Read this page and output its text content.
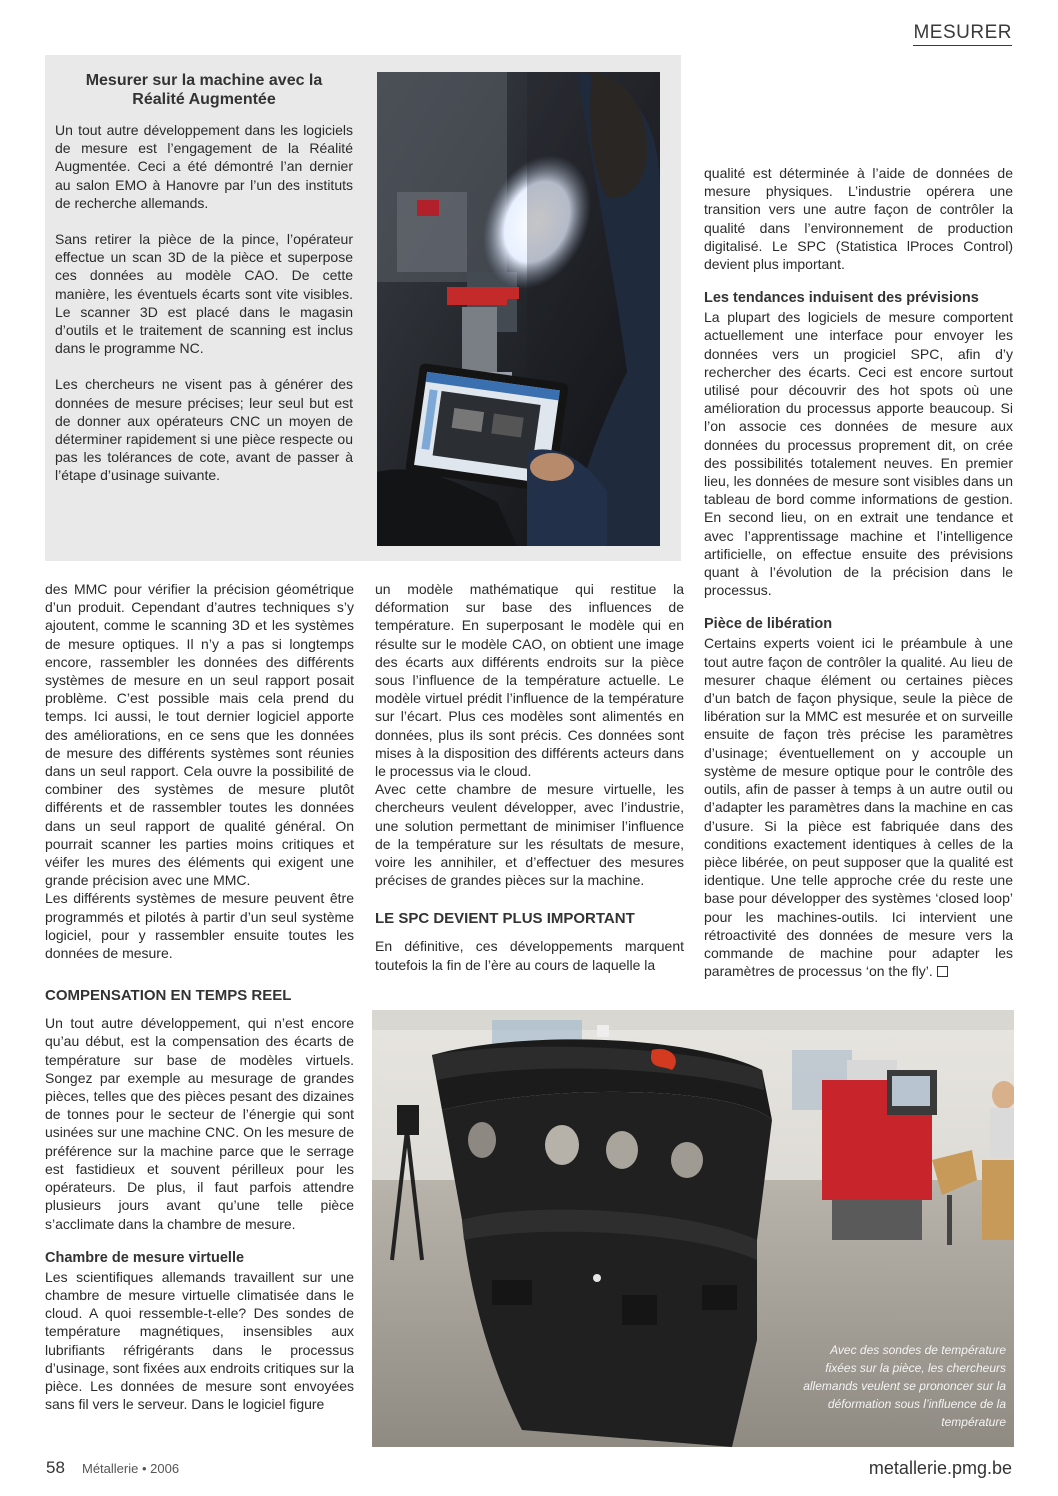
MESURER
Mesurer sur la machine avec la
Réalité Augmentée

Un tout autre développement dans les logiciels de mesure est l’engagement de la Réalité Augmentée. Ceci a été démontré l’an dernier au salon EMO à Hanovre par l’un des instituts de recherche allemands.

Sans retirer la pièce de la pince, l’opérateur effectue un scan 3D de la pièce et superpose ces données au modèle CAO. De cette manière, les éventuels écarts sont vite visibles. Le scanner 3D est placé dans le magasin d’outils et le traitement de scanning est inclus dans le programme NC.

Les chercheurs ne visent pas à générer des données de mesure précises; leur seul but est de donner aux opérateurs CNC un moyen de déterminer rapidement si une pièce respecte ou pas les tolérances de cote, avant de passer à l’étape d’usinage suivante.

des MMC pour vérifier la précision géométrique d’un produit. Cependant d’autres techniques s’y ajoutent, comme le scanning 3D et les systèmes de mesure optiques. Il n’y a pas si longtemps encore, rassembler les données des différents systèmes de mesure en un seul rapport posait problème. C’est possible mais cela prend du temps. Ici aussi, le tout dernier logiciel apporte des améliorations, en ce sens que les données de mesure des différents systèmes sont réunies dans un seul rapport. Cela ouvre la possibilité de combiner des systèmes de mesure plutôt différents et de rassembler toutes les données dans un seul rapport de qualité général. On pourrait scanner les parties moins critiques et véifer les mures des éléments qui exigent une grande précision avec une MMC.

Les différents systèmes de mesure peuvent être programmés et pilotés à partir d’un seul système logiciel, pour y rassembler ensuite toutes les données de mesure.

COMPENSATION EN TEMPS REEL

Un tout autre développement, qui n’est encore qu’au début, est la compensation des écarts de température sur base de modèles virtuels. Songez par exemple au mesurage de grandes pièces, telles que des pièces pesant des dizaines de tonnes pour le secteur de l’énergie qui sont usinées sur une machine CNC. On les mesure de préférence sur la machine parce que le serrage est fastidieux et souvent périlleux pour les opérateurs. De plus, il faut parfois attendre plusieurs jours avant qu’une telle pièce s’acclimate dans la chambre de mesure.

Chambre de mesure virtuelle

Les scientifiques allemands travaillent sur une chambre de mesure virtuelle climatisée dans le cloud. A quoi ressemble-t-elle? Des sondes de température magnétiques, insensibles aux lubrifiants réfrigérants dans le processus d’usinage, sont fixées aux endroits critiques sur la pièce. Les données de mesure sont envoyées sans fil vers le serveur. Dans le logiciel figure

un modèle mathématique qui restitue la déformation sur base des influences de température. En superposant le modèle qui en résulte sur le modèle CAO, on obtient une image des écarts aux différents endroits sur la pièce sous l’influence de la température actuelle. Le modèle virtuel prédit l’influence de la température sur l’écart. Plus ces modèles sont alimentés en données, plus ils sont précis. Ces données sont mises à la disposition des différents acteurs dans le processus via le cloud.

Avec cette chambre de mesure virtuelle, les chercheurs veulent développer, avec l’industrie, une solution permettant de minimiser l’influence de la température sur les résultats de mesure, voire les annihiler, et d’effectuer des mesures précises de grandes pièces sur la machine.

LE SPC DEVIENT PLUS IMPORTANT

En définitive, ces développements marquent toutefois la fin de l’ère au cours de laquelle la

qualité est déterminée à l’aide de données de mesure physiques. L’industrie opérera une transition vers une autre façon de contrôler la qualité dans l’environnement de production digitalisé. Le SPC (Statistica lProces Control) devient plus important.

Les tendances induisent des prévisions

La plupart des logiciels de mesure comportent actuellement une interface pour envoyer les données vers un progiciel SPC, afin d’y rechercher des écarts. Ceci est encore surtout utilisé pour découvrir des hot spots où une amélioration du processus apporte beaucoup. Si l’on associe ces données de mesure aux données du processus proprement dit, on crée des possibilités totalement neuves. En premier lieu, les données de mesure sont visibles dans un tableau de bord comme informations de gestion. En second lieu, on en extrait une tendance et avec l’apprentissage machine et l’intelligence artificielle, on effectue ensuite des prévisions quant à l’évolution de la précision dans le processus.

Pièce de libération

Certains experts voient ici le préambule à une tout autre façon de contrôler la qualité. Au lieu de mesurer chaque élément ou certaines pièces d’un batch de façon physique, seule la pièce de libération sur la MMC est mesurée et on surveille ensuite de façon très précise les paramètres d’usinage; éventuellement on y accouple un système de mesure optique pour le contrôle des outils, afin de passer à temps à un autre outil ou d’adapter les paramètres dans la machine en cas d’usure. Si la pièce est fabriquée dans des conditions exactement identiques à celles de la pièce libérée, on peut supposer que la qualité est identique. Une telle approche crée du reste une base pour développer des systèmes ‘closed loop’ pour les machines-outils. Ici intervient une rétroactivité des données de mesure vers la commande de machine pour adapter les paramètres de processus ‘on the fly’.

Avec des sondes de température fixées sur la pièce, les chercheurs allemands veulent se prononcer sur la déformation sous l’influence de la température
58 Métallerie • 2006	metallerie.pmg.be
